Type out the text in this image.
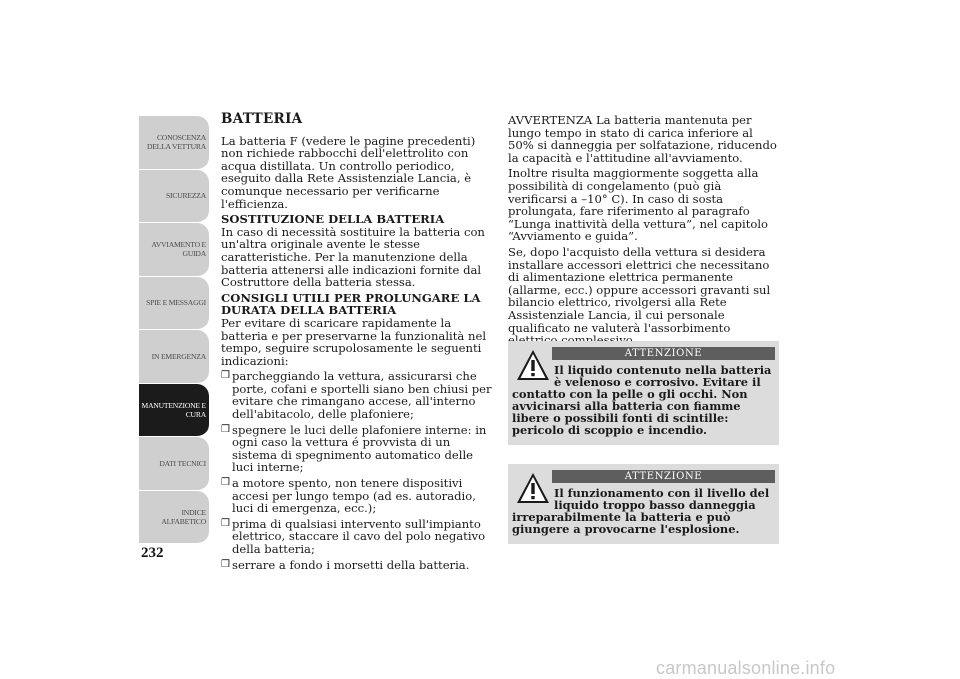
CONOSCENZA DELLA VETTURA
SICUREZZA
AVVIAMENTO E GUIDA
SPIE E MESSAGGI
IN EMERGENZA
MANUTENZIONE E CURA
DATI TECNICI
INDICE ALFABETICO
232
BATTERIA

La batteria F (vedere le pagine precedenti) non richiede rabbocchi dell'elettrolito con acqua distillata. Un controllo periodico, eseguito dalla Rete Assistenziale Lancia, è comunque necessario per verificarne l'efficienza.

SOSTITUZIONE DELLA BATTERIA

In caso di necessità sostituire la batteria con un'altra originale avente le stesse caratteristiche. Per la manutenzione della batteria attenersi alle indicazioni fornite dal Costruttore della batteria stessa.

CONSIGLI UTILI PER PROLUNGARE LA DURATA DELLA BATTERIA

Per evitare di scaricare rapidamente la batteria e per preservarne la funzionalità nel tempo, seguire scrupolosamente le seguenti indicazioni:

❒ parcheggiando la vettura, assicurarsi che porte, cofani e sportelli siano ben chiusi per evitare che rimangano accese, all'interno dell'abitacolo, delle plafoniere;
❒ spegnere le luci delle plafoniere interne: in ogni caso la vettura é provvista di un sistema di spegnimento automatico delle luci interne;
❒ a motore spento, non tenere dispositivi accesi per lungo tempo (ad es. autoradio, luci di emergenza, ecc.);
❒ prima di qualsiasi intervento sull'impianto elettrico, staccare il cavo del polo negativo della batteria;
❒ serrare a fondo i morsetti della batteria.

AVVERTENZA La batteria mantenuta per lungo tempo in stato di carica inferiore al 50% si danneggia per solfatazione, riducendo la capacità e l'attitudine all'avviamento.

Inoltre risulta maggiormente soggetta alla possibilità di congelamento (può già verificarsi a –10° C). In caso di sosta prolungata, fare riferimento al paragrafo “Lunga inattività della vettura”, nel capitolo “Avviamento e guida”.

Se, dopo l'acquisto della vettura si desidera installare accessori elettrici che necessitano di alimentazione elettrica permanente (allarme, ecc.) oppure accessori gravanti sul bilancio elettrico, rivolgersi alla Rete Assistenziale Lancia, il cui personale qualificato ne valuterà l'assorbimento

ATTENZIONE
Il liquido contenuto nella batteria è velenoso e corrosivo. Evitare il
contatto con la pelle o gli occhi. Non avvicinarsi alla batteria con fiamme libere o possibili fonti di scintille: pericolo di scoppio e incendio.
ATTENZIONE
Il funzionamento con il livello del liquido troppo basso danneggia
irreparabilmente la batteria e può giungere a provocarne l'esplosione.
carmanualsonline.info
